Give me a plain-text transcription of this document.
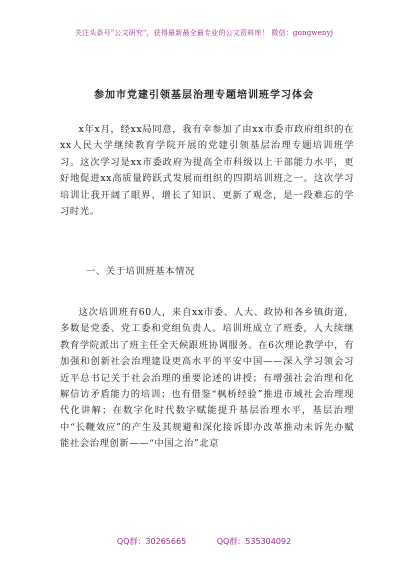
关注头条号"公文研究"，获得最新最全最专业的公文资料库！ 微信：gongwenyj
参加市党建引领基层治理专题培训班学习体会
x年x月，经xx局同意，我有幸参加了由xx市委市政府组织的在xx人民大学继续教育学院开展的党建引领基层治理专题培训班学习。这次学习是xx市委政府为提高全市科级以上干部能力水平，更好地促进xx高质量跨跃式发展而组织的四期培训班之一。这次学习培训让我开阔了眼界、增长了知识、更新了观念，是一段难忘的学习时光。
一、关于培训班基本情况
这次培训班有60人，来自xx市委、人大、政协和各乡镇街道，多数是党委、党工委和党组负责人。培训班成立了班委，人大续继教育学院派出了班主任全天候跟班协调服务。在6次理论教学中，有加强和创新社会治理建设更高水平的平安中国——深入学习领会习近平总书记关于社会治理的重要论述的讲授；有增强社会治理和化解信访矛盾能力的培训；也有借鉴“枫桥经验”推进市域社会治理现代化讲解；在数字化时代数字赋能提升基层治理水平，基层治理中“长鞭效应”的产生及其规避和深化接诉即办改革推动未诉先办赋能社会治理创新——“中国之治”北京
QQ群：30265665	QQ群：535304092
